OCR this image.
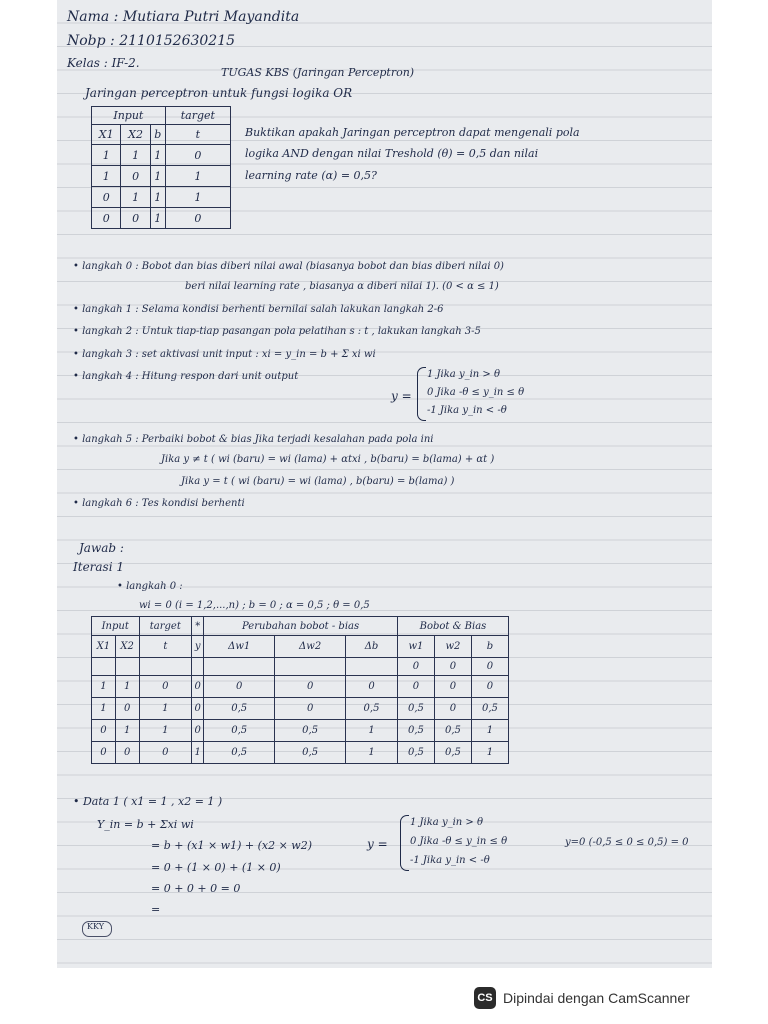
Nama : Mutiara Putri Mayandita
Nobp : 2110152630215
Kelas : IF-2.
TUGAS KBS (Jaringan Perceptron)
Jaringan perceptron untuk fungsi logika OR
Input			target
X1	X2	b	t
1	1	1	0
1	0	1	1
0	1	1	1
0	0	1	0
Buktikan apakah Jaringan perceptron dapat mengenali pola
logika AND dengan nilai Treshold (θ) = 0,5 dan nilai
learning rate (α) = 0,5?
• langkah 0 : Bobot dan bias diberi nilai awal (biasanya bobot dan bias diberi nilai 0)
beri nilai learning rate , biasanya α diberi nilai 1). (0 < α ≤ 1)
• langkah 1 : Selama kondisi berhenti bernilai salah lakukan langkah 2-6
• langkah 2 : Untuk tiap-tiap pasangan pola pelatihan s : t , lakukan langkah 3-5
• langkah 3 : set aktivasi unit input : xi = y_in = b + Σ xi wi
• langkah 4 : Hitung respon dari unit output
y =
1 Jika y_in > θ
0 Jika -θ ≤ y_in ≤ θ
-1 Jika y_in < -θ
• langkah 5 : Perbaiki bobot & bias Jika terjadi kesalahan pada pola ini
Jika y ≠ t ( wi (baru) = wi (lama) + αtxi , b(baru) = b(lama) + αt )
Jika y = t ( wi (baru) = wi (lama) , b(baru) = b(lama) )
• langkah 6 : Tes kondisi berhenti
Jawab :
Iterasi 1
• langkah 0 :
wi = 0 (i = 1,2,...,n) ; b = 0 ; α = 0,5 ; θ = 0,5
Input		target	*	Perubahan bobot - bias			Bobot & Bias		
X1	X2	t	y	Δw1	Δw2	Δb	w1	w2	b
							0	0	0
1	1	0	0	0	0	0	0	0	0
1	0	1	0	0,5	0	0,5	0,5	0	0,5
0	1	1	0	0,5	0,5	1	0,5	0,5	1
0	0	0	1	0,5	0,5	1	0,5	0,5	1
• Data 1 ( x1 = 1 , x2 = 1 )
Y_in = b + Σxi wi
= b + (x1 × w1) + (x2 × w2)
= 0 + (1 × 0) + (1 × 0)
= 0 + 0 + 0 = 0
=
y =
1 Jika y_in > θ
0 Jika -θ ≤ y_in ≤ θ
-1 Jika y_in < -θ
y=0 (-0,5 ≤ 0 ≤ 0,5) = 0
KKY
CS Dipindai dengan CamScanner
